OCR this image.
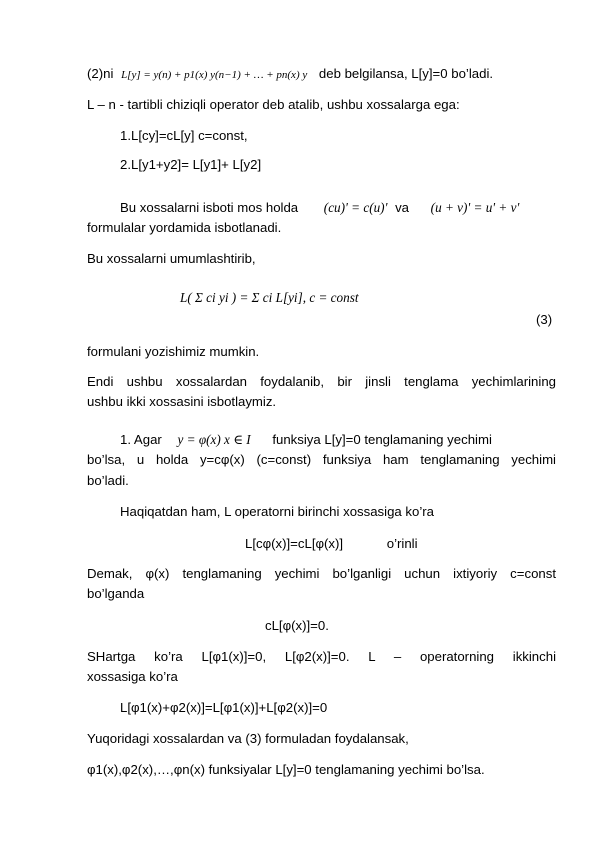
(2)ni L[y] = y(n) + p1(x) y(n−1) + … + pn(x) y deb belgilansa, L[y]=0 bo’ladi.
L – n - tartibli chiziqli operator deb atalib, ushbu xossalarga ega:
1.L[cy]=cL[y] c=const,
2.L[y1+y2]= L[y1]+ L[y2]
Bu xossalarni isboti mos holda (cu)' = c(u)' va (u + v)' = u' + v'
formulalar yordamida isbotlanadi.
Bu xossalarni umumlashtirib,
L( Σ ci yi ) = Σ ci L[yi], c = const
(3)
formulani yozishimiz mumkin.
Endi ushbu xossalardan foydalanib, bir jinsli tenglama yechimlarining
ushbu ikki xossasini isbotlaymiz.
1. Agar y = φ(x) x ∈ I funksiya L[y]=0 tenglamaning yechimi
bo’lsa, u holda y=cφ(x) (c=const) funksiya ham tenglamaning yechimi
bo’ladi.
Haqiqatdan ham, L operatorni birinchi xossasiga ko’ra
L[cφ(x)]=cL[φ(x)]	o’rinli
Demak, φ(x) tenglamaning yechimi bo’lganligi uchun ixtiyoriy c=const
bo’lganda
cL[φ(x)]=0.
SHartga ko’ra L[φ1(x)]=0, L[φ2(x)]=0. L – operatorning ikkinchi
xossasiga ko’ra
L[φ1(x)+φ2(x)]=L[φ1(x)]+L[φ2(x)]=0
Yuqoridagi xossalardan va (3) formuladan foydalansak,
φ1(x),φ2(x),…,φn(x) funksiyalar L[y]=0 tenglamaning yechimi bo’lsa.
